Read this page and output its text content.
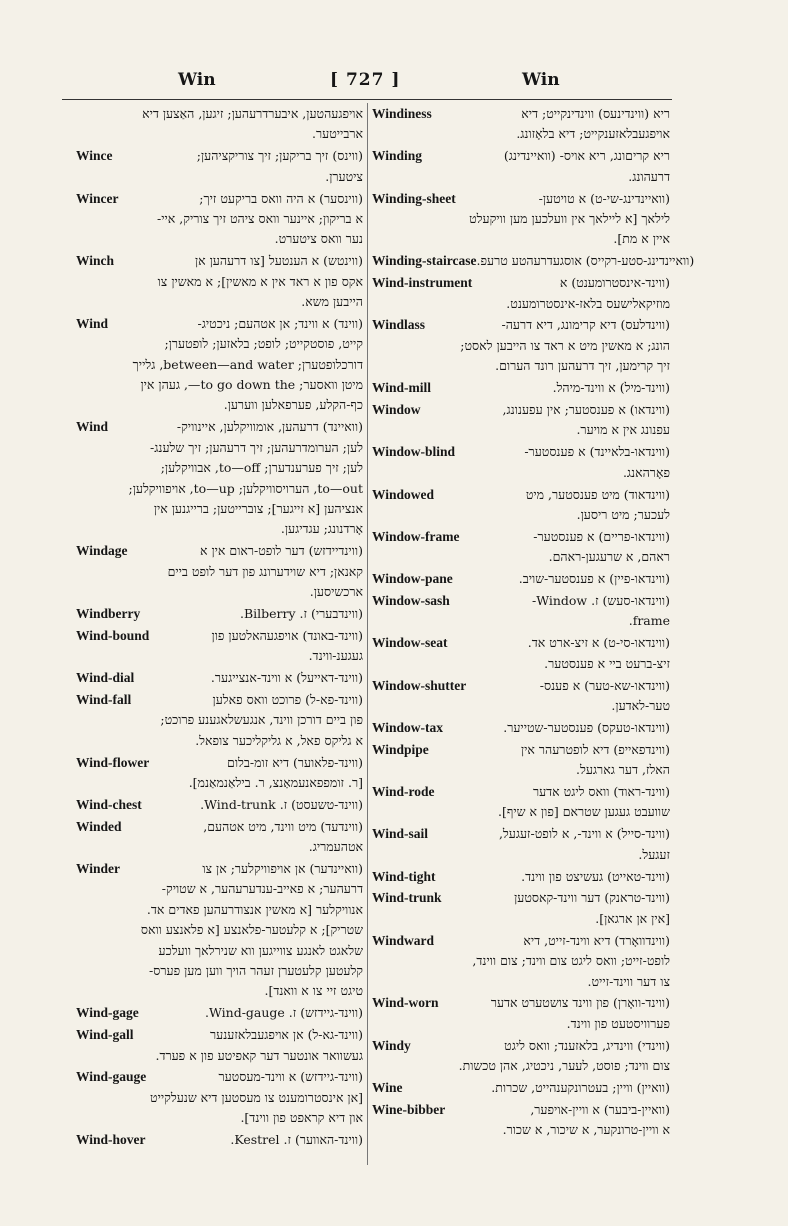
Win	[ 727 ]	Win
אויפגעהטען, איבערדרעהען; זיגען, האַצען דיא
ארבייטער.
Wince	(ווינס) זיך בריקען; זיך צוריקציהען;
ציטערן.
Wincer	(ווינסער) א היה וואס בריקעט זיך;
א בריקון; איינער וואס ציהט זיך צוריק, איי-
נער וואס ציטערט.
Winch	(ווינטש) א הענטעל [צו דרעהען אן
אקס פון א ראד אין א מאשין]; א מאשין צו
הייבען משא.
Wind	(ווינד) א ווינד; אן אטהעם; ניכטיג-
קייט, פוסטקייט; לופט; בלאזען; לופטערן;
דורכלופטערן; between—and water, גלייך
מיטן וואסער; to go down the—, געהן אין
כף-הקלע, פערפאלען ווערען.
Wind	(וואיינד) דרעהען, אומוויקלען, איינוויק-
לען; הערומדרעהען; זיך דרעהען; זיך שלענג-
לען; זיך פערענדערן; to—off, אבוויקלען;
to—out, הערויסוויקלען; to—up, אויפוויקלען;
אנציהען [א זייגער]; צוברייטען; ברייגנען אין
אָרדנונג; עגדיגען.
Windage	(ווינדיידזש) דער לופט-ראום אין א
קאנאן; דיא שוידערונג פון דער לופט ביים
ארכשיסען.
Windberry	(ווינדבערי) ז. Bilberry.
Wind-bound	(ווינד-באונד) אויפגעהאלטען פון
געגענ-ווינד.
Wind-dial	(ווינד-דאייעל) א ווינד-אנצייגער.
Wind-fall	(ווינד-פא-ל) פרוכט וואס פאלען
פון ביים דורכן ווינד, אנגעשלאגענע פרוכט;
א גליקס פאל, א גליקליכער צופאל.
Wind-flower	(ווינד-פלאוער) דיא זומ-בלום
[ר. זומפפאנעמאַנצ, ר. בילאַנמאַנמ].
Wind-chest	(ווינד-טשעסט) ז. Wind-trunk.
Winded	(ווינדעד) מיט ווינד, מיט אטהעם,
אטהעמריג.
Winder	(וואיינדער) אן אויפוויקלער; אן צו
דרעהער; א פאייב-ענדערעהער, א שטויק-
אנוויקלער [א מאשין אנצודרעהען פאדים אד.
שטריק]; א קלעטער-פלאנצע [א פלאנצע וואס
שלאגט לאנגע צווייגען ווא שנירלאך וועלכע
קלעטען קלעטערן זעהר הויך ווען מען פערס-
טיגט זיי צו א וואנד].
Wind-gage	(ווינד-גיידזש) ז. Wind-gauge.
Wind-gall	(ווינד-גא-ל) אן אויפגעבלאזענער
געשוואר אונטער דער קאפיטע פון א פערד.
Wind-gauge	(ווינד-גיידזש) א ווינד-מעסטער
[אן אינסטרומענט צו מעסטען דיא שנעלקייט
און דיא קראפט פון ווינד].
Wind-hover	(ווינד-האווער) ז. Kestrel.
Windiness	ריא (ווינדינעס) ווינדינקייט; דיא
אויפגעבלאזענקייט; דיא בלאָזונג.
Winding	ריא קריםונג, ריא אויס- (וואיינדינג)
דרעהונג.
Winding-sheet	(וואיינדינג-שי-ט) א טויטען-
לילאך [א ליילאך אין וועלכען מען וויקעלט
איין א מת].
Winding-staircase (וואיינדינג-סטע-רקייס) אוסגעדרעהטע טרעפ.
Wind-instrument	(ווינד-אינסטרומענט) א
מוזיקאלישעס בלאז-אינסטרומענט.
Windlass	(ווינדלעס) דיא קרימונג, דיא דרעה-
הונג; א מאשין מיט א ראד צו הייבען לאסט;
זיך קרימען, זיך דרעהען רונד הערום.
Wind-mill	(ווינד-מיל) א ווינד-מיהל.
Window	(ווינדאו) א פענסטער; אין עפענונג,
עפנונג אין א מויער.
Window-blind	(ווינדאו-בלאיינד) א פענסטער-
פאָרהאנג.
Windowed	(ווינדאוד) מיט פענסטער, מיט
לעכער; מיט ריסען.
Window-frame	(ווינדאו-פריים) א פענסטער-
ראהם, א שרעגען-ראהם.
Window-pane	(ווינדאו-פיין) א פענסטער-שויב.
Window-sash	(ווינדאו-סעש) ז. Window-
frame.
Window-seat	(ווינדאו-סי-ט) א זיצ-ארט אד.
זיצ-ברעט ביי א פענסטער.
Window-shutter	(ווינדאו-שא-טער) א פענס-
טער-לאדען.
Window-tax	(ווינדאו-טעקס) פענסטער-שטייער.
Windpipe	(ווינדפאייפ) דיא לופטרעהר אין
האלז, דער גארגעל.
Wind-rode	(ווינד-ראוד) וואס ליגט אדער
שוועבט געגען שטראם [פון א שיף].
Wind-sail	(ווינד-סייל) א ווינד-, א לופט-זעגעל,
זעגעל.
Wind-tight	(ווינד-טאייט) געשיצט פון ווינד.
Wind-trunk	(ווינד-טראנק) דער ווינד-קאסטען
[אין אן ארגאן].
Windward	(ווינדוואָרד) דיא ווינד-זייט, דיא
לופט-זייט; וואס ליגט צום ווינד; צום ווינד,
צו דער ווינד-זייט.
Wind-worn	(ווינד-וואָרן) פון ווינד צושטערט אדער
פערוויסטעט פון ווינד.
Windy	(ווינדי) ווינדיג, בלאזענד; וואס ליגט
צום ווינד; פוסט, לעער, ניכטיג, אהן טכשות.
Wine	(וואיין) וויין; בעטרונקענהייט, שכרות.
Wine-bibber	(וואיין-ביבער) א וויין-אויפער,
א וויין-טרונקער, א שיכור, א שכור.
